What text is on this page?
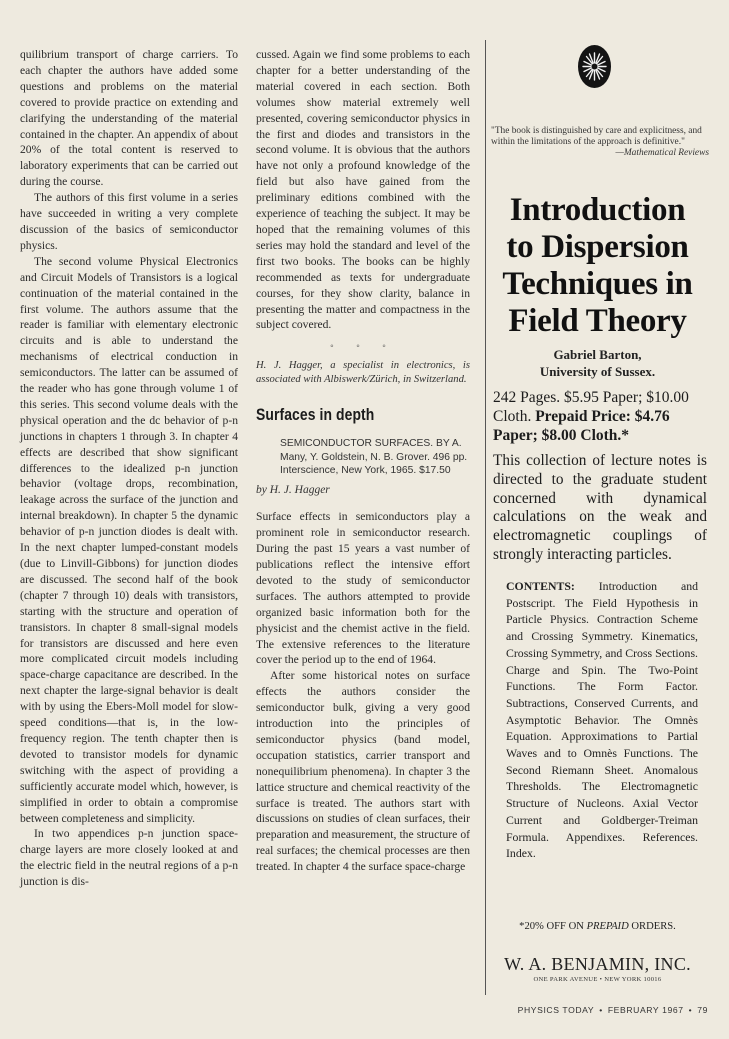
quilibrium transport of charge carriers. To each chapter the authors have added some questions and problems on the material covered to provide practice on extending and clarifying the understanding of the material contained in the chapter. An appendix of about 20% of the total content is reserved to laboratory experiments that can be carried out during the course.

The authors of this first volume in a series have succeeded in writing a very complete discussion of the basics of semiconductor physics.

The second volume Physical Electronics and Circuit Models of Transistors is a logical continuation of the material contained in the first volume. The authors assume that the reader is familiar with elementary electronic circuits and is able to understand the mechanisms of electrical conduction in semiconductors. The latter can be assumed of the reader who has gone through volume 1 of this series. This second volume deals with the physical operation and the dc behavior of p-n junctions in chapters 1 through 3. In chapter 4 effects are described that show significant differences to the idealized p-n junction behavior (voltage drops, recombination, leakage across the surface of the junction and internal breakdown). In chapter 5 the dynamic behavior of p-n junction diodes is dealt with. In the next chapter lumped-constant models (due to Linvill-Gibbons) for junction diodes are discussed. The second half of the book (chapter 7 through 10) deals with transistors, starting with the structure and operation of transistors. In chapter 8 small-signal models for transistors are discussed and here even more complicated circuit models including space-charge capacitance are described. In the next chapter the large-signal behavior is dealt with by using the Ebers-Moll model for slow-speed conditions—that is, in the low-frequency region. The tenth chapter then is devoted to transistor models for dynamic switching with the aspect of providing a sufficiently accurate model which, however, is simplified in order to obtain a compromise between completeness and simplicity.

In two appendices p-n junction space-charge layers are more closely looked at and the electric field in the neutral regions of a p-n junction is dis-

cussed. Again we find some problems to each chapter for a better understanding of the material covered in each section. Both volumes show material extremely well presented, covering semiconductor physics in the first and diodes and transistors in the second volume. It is obvious that the authors have not only a profound knowledge of the field but also have gained from the preliminary editions combined with the experience of teaching the subject. It may be hoped that the remaining volumes of this series may hold the standard and level of the first two books. The books can be highly recommended as texts for undergraduate courses, for they show clarity, balance in presenting the matter and compactness in the subject covered.

◦ ◦ ◦

H. J. Hagger, a specialist in electronics, is associated with Albiswerk/Zürich, in Switzerland.

Surfaces in depth
SEMICONDUCTOR SURFACES. BY A. Many, Y. Goldstein, N. B. Grover. 496 pp. Interscience, New York, 1965. $17.50
by H. J. Hagger

Surface effects in semiconductors play a prominent role in semiconductor research. During the past 15 years a vast number of publications reflect the intensive effort devoted to the study of semiconductor surfaces. The authors attempted to provide organized basic information both for the physicist and the chemist active in the field. The extensive references to the literature cover the period up to the end of 1964.

After some historical notes on surface effects the authors consider the semiconductor bulk, giving a very good introduction into the principles of semiconductor physics (band model, occupation statistics, carrier transport and nonequilibrium phenomena). In chapter 3 the lattice structure and chemical reactivity of the surface is treated. The authors start with discussions on studies of clean surfaces, their preparation and measurement, the structure of real surfaces; the chemical processes are then treated. In chapter 4 the surface space-charge

"The book is distinguished by care and explicitness, and within the limitations of the approach is definitive."
—Mathematical Reviews
Introduction
to Dispersion
Techniques in
Field Theory
Gabriel Barton,
University of Sussex.
242 Pages. $5.95 Paper; $10.00 Cloth. Prepaid Price: $4.76 Paper; $8.00 Cloth.*
This collection of lecture notes is directed to the graduate student concerned with dynamical calculations on the weak and electromagnetic couplings of strongly interacting particles.
CONTENTS: Introduction and Postscript. The Field Hypothesis in Particle Physics. Contraction Scheme and Crossing Symmetry. Kinematics, Crossing Symmetry, and Cross Sections. Charge and Spin. The Two-Point Functions. The Form Factor. Subtractions, Conserved Currents, and Asymptotic Behavior. The Omnès Equation. Approximations to Partial Waves and to Omnès Functions. The Second Riemann Sheet. Anomalous Thresholds. The Electromagnetic Structure of Nucleons. Axial Vector Current and Goldberger-Treiman Formula. Appendixes. References. Index.
*20% OFF ON PREPAID ORDERS.
W. A. BENJAMIN, INC.
ONE PARK AVENUE • NEW YORK 10016
PHYSICS TODAY • FEBRUARY 1967 • 79
